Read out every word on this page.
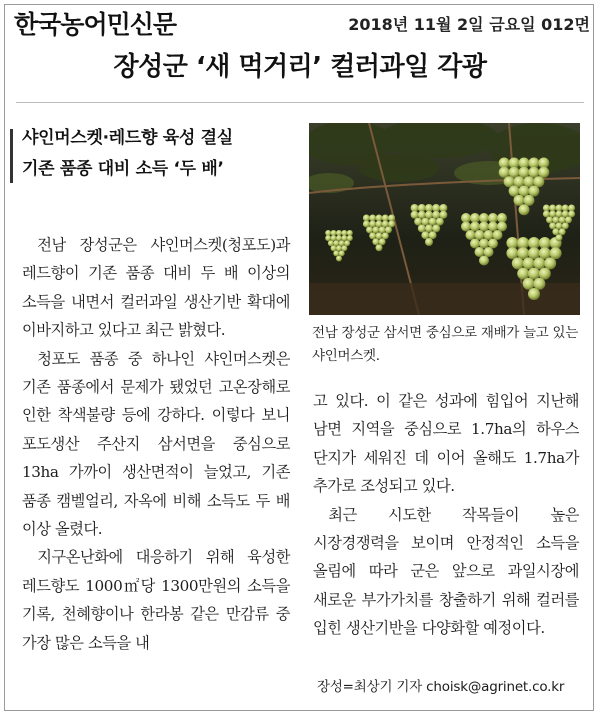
한국농어민신문	2018년 11월 2일 금요일 012면
장성군 ‘새 먹거리’ 컬러과일 각광
샤인머스켓·레드향 육성 결실
기존 품종 대비 소득 ‘두 배’

전남 장성군은 샤인머스켓(청포도)과 레드향이 기존 품종 대비 두 배 이상의 소득을 내면서 컬러과일 생산기반 확대에 이바지하고 있다고 최근 밝혔다.

청포도 품종 중 하나인 샤인머스켓은 기존 품종에서 문제가 됐었던 고온장해로 인한 착색불량 등에 강하다. 이렇다 보니 포도생산 주산지 삼서면을 중심으로 13ha 가까이 생산면적이 늘었고, 기존 품종 캠벨얼리, 자옥에 비해 소득도 두 배 이상 올렸다.

지구온난화에 대응하기 위해 육성한 레드향도 1000㎡당 1300만원의 소득을 기록, 천혜향이나 한라봉 같은 만감류 중 가장 많은 소득을 내

전남 장성군 삼서면 중심으로 재배가 늘고 있는 샤인머스켓.

고 있다. 이 같은 성과에 힘입어 지난해 남면 지역을 중심으로 1.7ha의 하우스 단지가 세워진 데 이어 올해도 1.7ha가 추가로 조성되고 있다.

최근 시도한 작목들이 높은 시장경쟁력을 보이며 안정적인 소득을 올림에 따라 군은 앞으로 과일시장에 새로운 부가가치를 창출하기 위해 컬러를 입힌 생산기반을 다양화할 예정이다.

장성=최상기 기자 choisk@agrinet.co.kr
